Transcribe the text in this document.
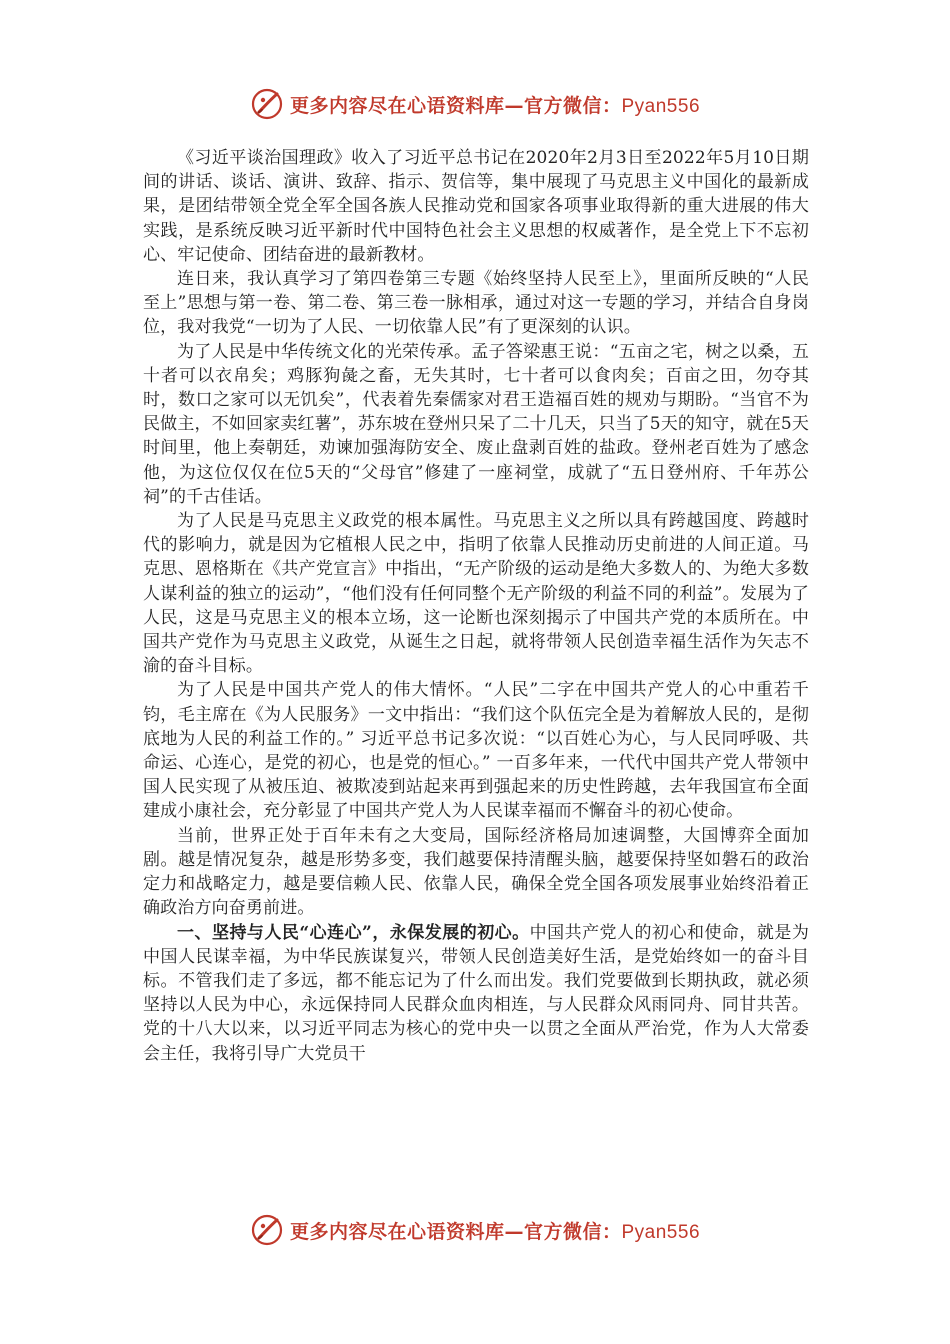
更多内容尽在心语资料库—官方微信：Pyan556

《习近平谈治国理政》收入了习近平总书记在2020年2月3日至2022年5月10日期间的讲话、谈话、演讲、致辞、指示、贺信等，集中展现了马克思主义中国化的最新成果，是团结带领全党全军全国各族人民推动党和国家各项事业取得新的重大进展的伟大实践，是系统反映习近平新时代中国特色社会主义思想的权威著作，是全党上下不忘初心、牢记使命、团结奋进的最新教材。

连日来，我认真学习了第四卷第三专题《始终坚持人民至上》，里面所反映的“人民至上”思想与第一卷、第二卷、第三卷一脉相承，通过对这一专题的学习，并结合自身岗位，我对我党“一切为了人民、一切依靠人民”有了更深刻的认识。

为了人民是中华传统文化的光荣传承。孟子答梁惠王说：“五亩之宅，树之以桑，五十者可以衣帛矣；鸡豚狗彘之畜，无失其时，七十者可以食肉矣；百亩之田，勿夺其时，数口之家可以无饥矣”，代表着先秦儒家对君王造福百姓的规劝与期盼。“当官不为民做主，不如回家卖红薯”，苏东坡在登州只呆了二十几天，只当了5天的知守，就在5天时间里，他上奏朝廷，劝谏加强海防安全、废止盘剥百姓的盐政。登州老百姓为了感念他，为这位仅仅在位5天的“父母官”修建了一座祠堂，成就了“五日登州府、千年苏公祠”的千古佳话。

为了人民是马克思主义政党的根本属性。马克思主义之所以具有跨越国度、跨越时代的影响力，就是因为它植根人民之中，指明了依靠人民推动历史前进的人间正道。马克思、恩格斯在《共产党宣言》中指出，“无产阶级的运动是绝大多数人的、为绝大多数人谋利益的独立的运动”，“他们没有任何同整个无产阶级的利益不同的利益”。发展为了人民，这是马克思主义的根本立场，这一论断也深刻揭示了中国共产党的本质所在。中国共产党作为马克思主义政党，从诞生之日起，就将带领人民创造幸福生活作为矢志不渝的奋斗目标。

为了人民是中国共产党人的伟大情怀。“人民”二字在中国共产党人的心中重若千钧，毛主席在《为人民服务》一文中指出：“我们这个队伍完全是为着解放人民的，是彻底地为人民的利益工作的。” 习近平总书记多次说：“以百姓心为心，与人民同呼吸、共命运、心连心，是党的初心，也是党的恒心。” 一百多年来，一代代中国共产党人带领中国人民实现了从被压迫、被欺凌到站起来再到强起来的历史性跨越，去年我国宣布全面建成小康社会，充分彰显了中国共产党人为人民谋幸福而不懈奋斗的初心使命。

当前，世界正处于百年未有之大变局，国际经济格局加速调整，大国博弈全面加剧。越是情况复杂，越是形势多变，我们越要保持清醒头脑，越要保持坚如磐石的政治定力和战略定力，越是要信赖人民、依靠人民，确保全党全国各项发展事业始终沿着正确政治方向奋勇前进。

一、坚持与人民“心连心”，永保发展的初心。中国共产党人的初心和使命，就是为中国人民谋幸福，为中华民族谋复兴，带领人民创造美好生活，是党始终如一的奋斗目标。不管我们走了多远，都不能忘记为了什么而出发。我们党要做到长期执政，就必须坚持以人民为中心，永远保持同人民群众血肉相连，与人民群众风雨同舟、同甘共苦。党的十八大以来，以习近平同志为核心的党中央一以贯之全面从严治党，作为人大常委会主任，我将引导广大党员干

更多内容尽在心语资料库—官方微信：Pyan556
